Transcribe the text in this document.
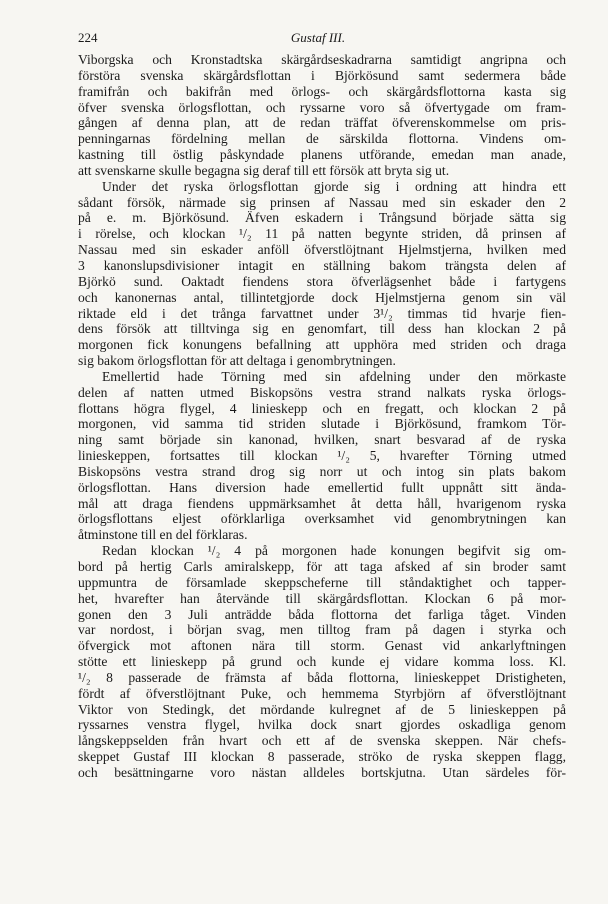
224	Gustaf III.
Viborgska och Kronstadtska skärgårdseskadrarna samtidigt angripna och
förstöra svenska skärgårdsflottan i Björkösund samt sedermera både
framifrån och bakifrån med örlogs- och skärgårdsflottorna kasta sig
öfver svenska örlogsflottan, och ryssarne voro så öfvertygade om fram-
gången af denna plan, att de redan träffat öfverenskommelse om pris-
penningarnas fördelning mellan de särskilda flottorna. Vindens om-
kastning till östlig påskyndade planens utförande, emedan man anade,
att svenskarne skulle begagna sig deraf till ett försök att bryta sig ut.
Under det ryska örlogsflottan gjorde sig i ordning att hindra ett
sådant försök, närmade sig prinsen af Nassau med sin eskader den 2
på e. m. Björkösund. Äfven eskadern i Trångsund började sätta sig
i rörelse, och klockan ¹/₂ 11 på natten begynte striden, då prinsen af
Nassau med sin eskader anföll öfverstlöjtnant Hjelmstjerna, hvilken med
3 kanonslupsdivisioner intagit en ställning bakom trängsta delen af
Björkö sund. Oaktadt fiendens stora öfverlägsenhet både i fartygens
och kanonernas antal, tillintetgjorde dock Hjelmstjerna genom sin väl
riktade eld i det trånga farvattnet under 3¹/₂ timmas tid hvarje fien-
dens försök att tilltvinga sig en genomfart, till dess han klockan 2 på
morgonen fick konungens befallning att upphöra med striden och draga
sig bakom örlogsflottan för att deltaga i genombrytningen.
Emellertid hade Törning med sin afdelning under den mörkaste
delen af natten utmed Biskopsöns vestra strand nalkats ryska örlogs-
flottans högra flygel, 4 linieskepp och en fregatt, och klockan 2 på
morgonen, vid samma tid striden slutade i Björkösund, framkom Tör-
ning samt började sin kanonad, hvilken, snart besvarad af de ryska
linieskeppen, fortsattes till klockan ¹/₂ 5, hvarefter Törning utmed
Biskopsöns vestra strand drog sig norr ut och intog sin plats bakom
örlogsflottan. Hans diversion hade emellertid fullt uppnått sitt ända-
mål att draga fiendens uppmärksamhet åt detta håll, hvarigenom ryska
örlogsflottans eljest oförklarliga overksamhet vid genombrytningen kan
åtminstone till en del förklaras.
Redan klockan ¹/₂ 4 på morgonen hade konungen begifvit sig om-
bord på hertig Carls amiralskepp, för att taga afsked af sin broder samt
uppmuntra de församlade skeppscheferne till ståndaktighet och tapper-
het, hvarefter han återvände till skärgårdsflottan. Klockan 6 på mor-
gonen den 3 Juli anträdde båda flottorna det farliga tåget. Vinden
var nordost, i början svag, men tilltog fram på dagen i styrka och
öfvergick mot aftonen nära till storm. Genast vid ankarlyftningen
stötte ett linieskepp på grund och kunde ej vidare komma loss. Kl.
¹/₂ 8 passerade de främsta af båda flottorna, linieskeppet Dristigheten,
fördt af öfverstlöjtnant Puke, och hemmema Styrbjörn af öfverstlöjtnant
Viktor von Stedingk, det mördande kulregnet af de 5 linieskeppen på
ryssarnes venstra flygel, hvilka dock snart gjordes oskadliga genom
långskeppselden från hvart och ett af de svenska skeppen. När chefs-
skeppet Gustaf III klockan 8 passerade, strökо de ryska skeppen flagg,
och besättningarne voro nästan alldeles bortskjutna. Utan särdeles för-
